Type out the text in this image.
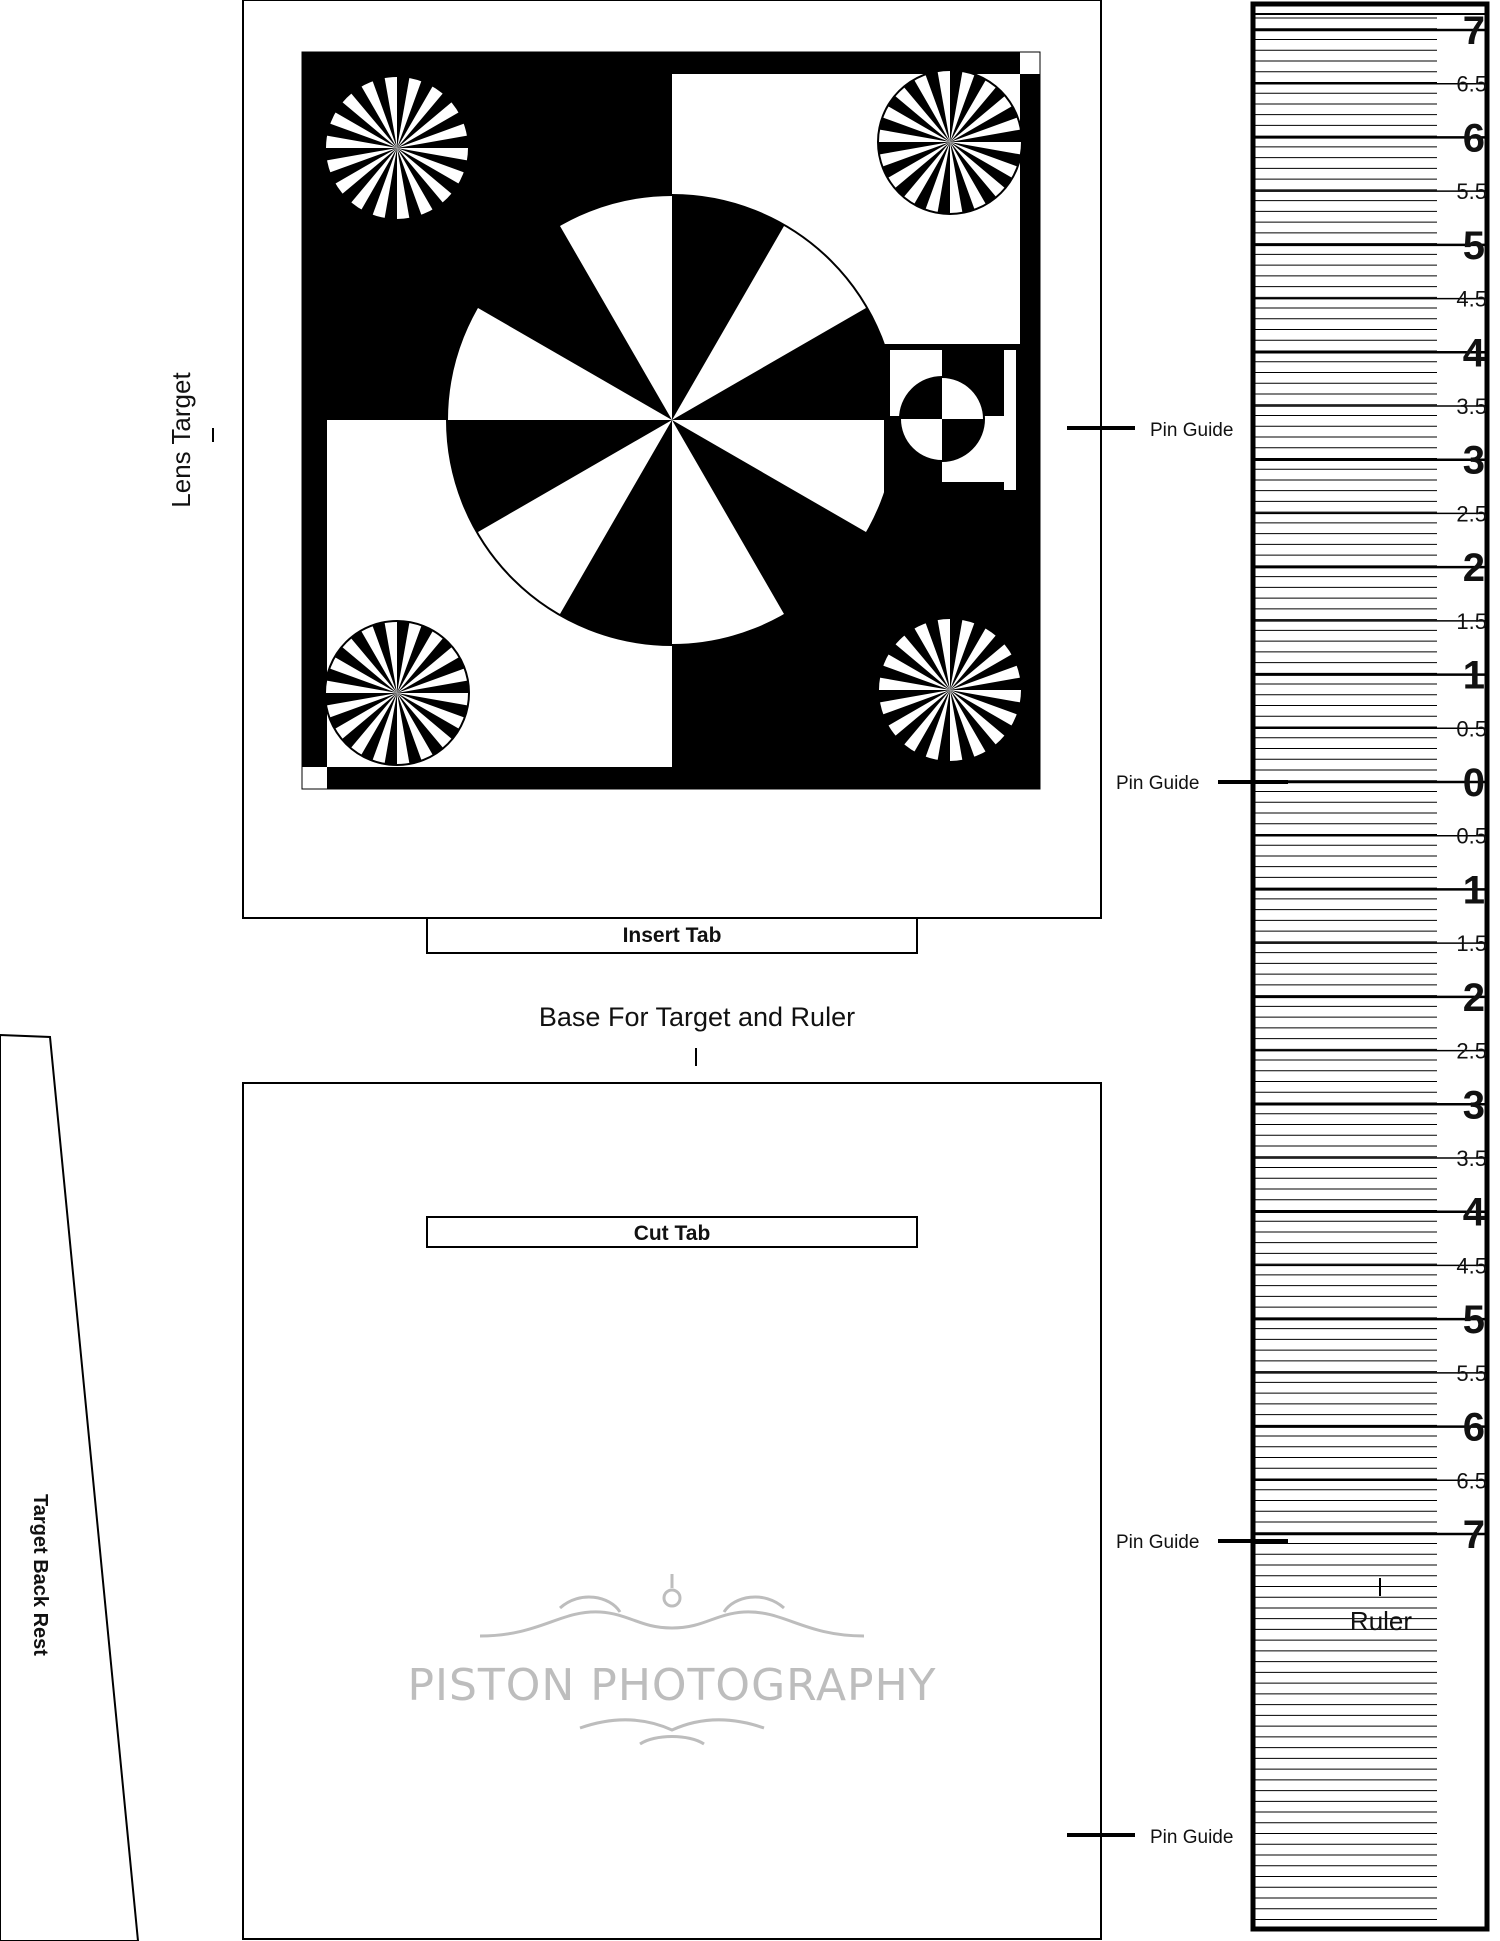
Lens Target
Insert Tab
Pin Guide
Base For Target and Ruler
Cut Tab
PISTON PHOTOGRAPHY
Pin Guide
Target Back Rest
7
6
5
4
3
2
1
0
1
2
3
4
5
6
7
6.5
5.5
4.5
3.5
2.5
1.5
0.5
0.5
1.5
2.5
3.5
4.5
5.5
6.5
Pin Guide
Pin Guide
Ruler
